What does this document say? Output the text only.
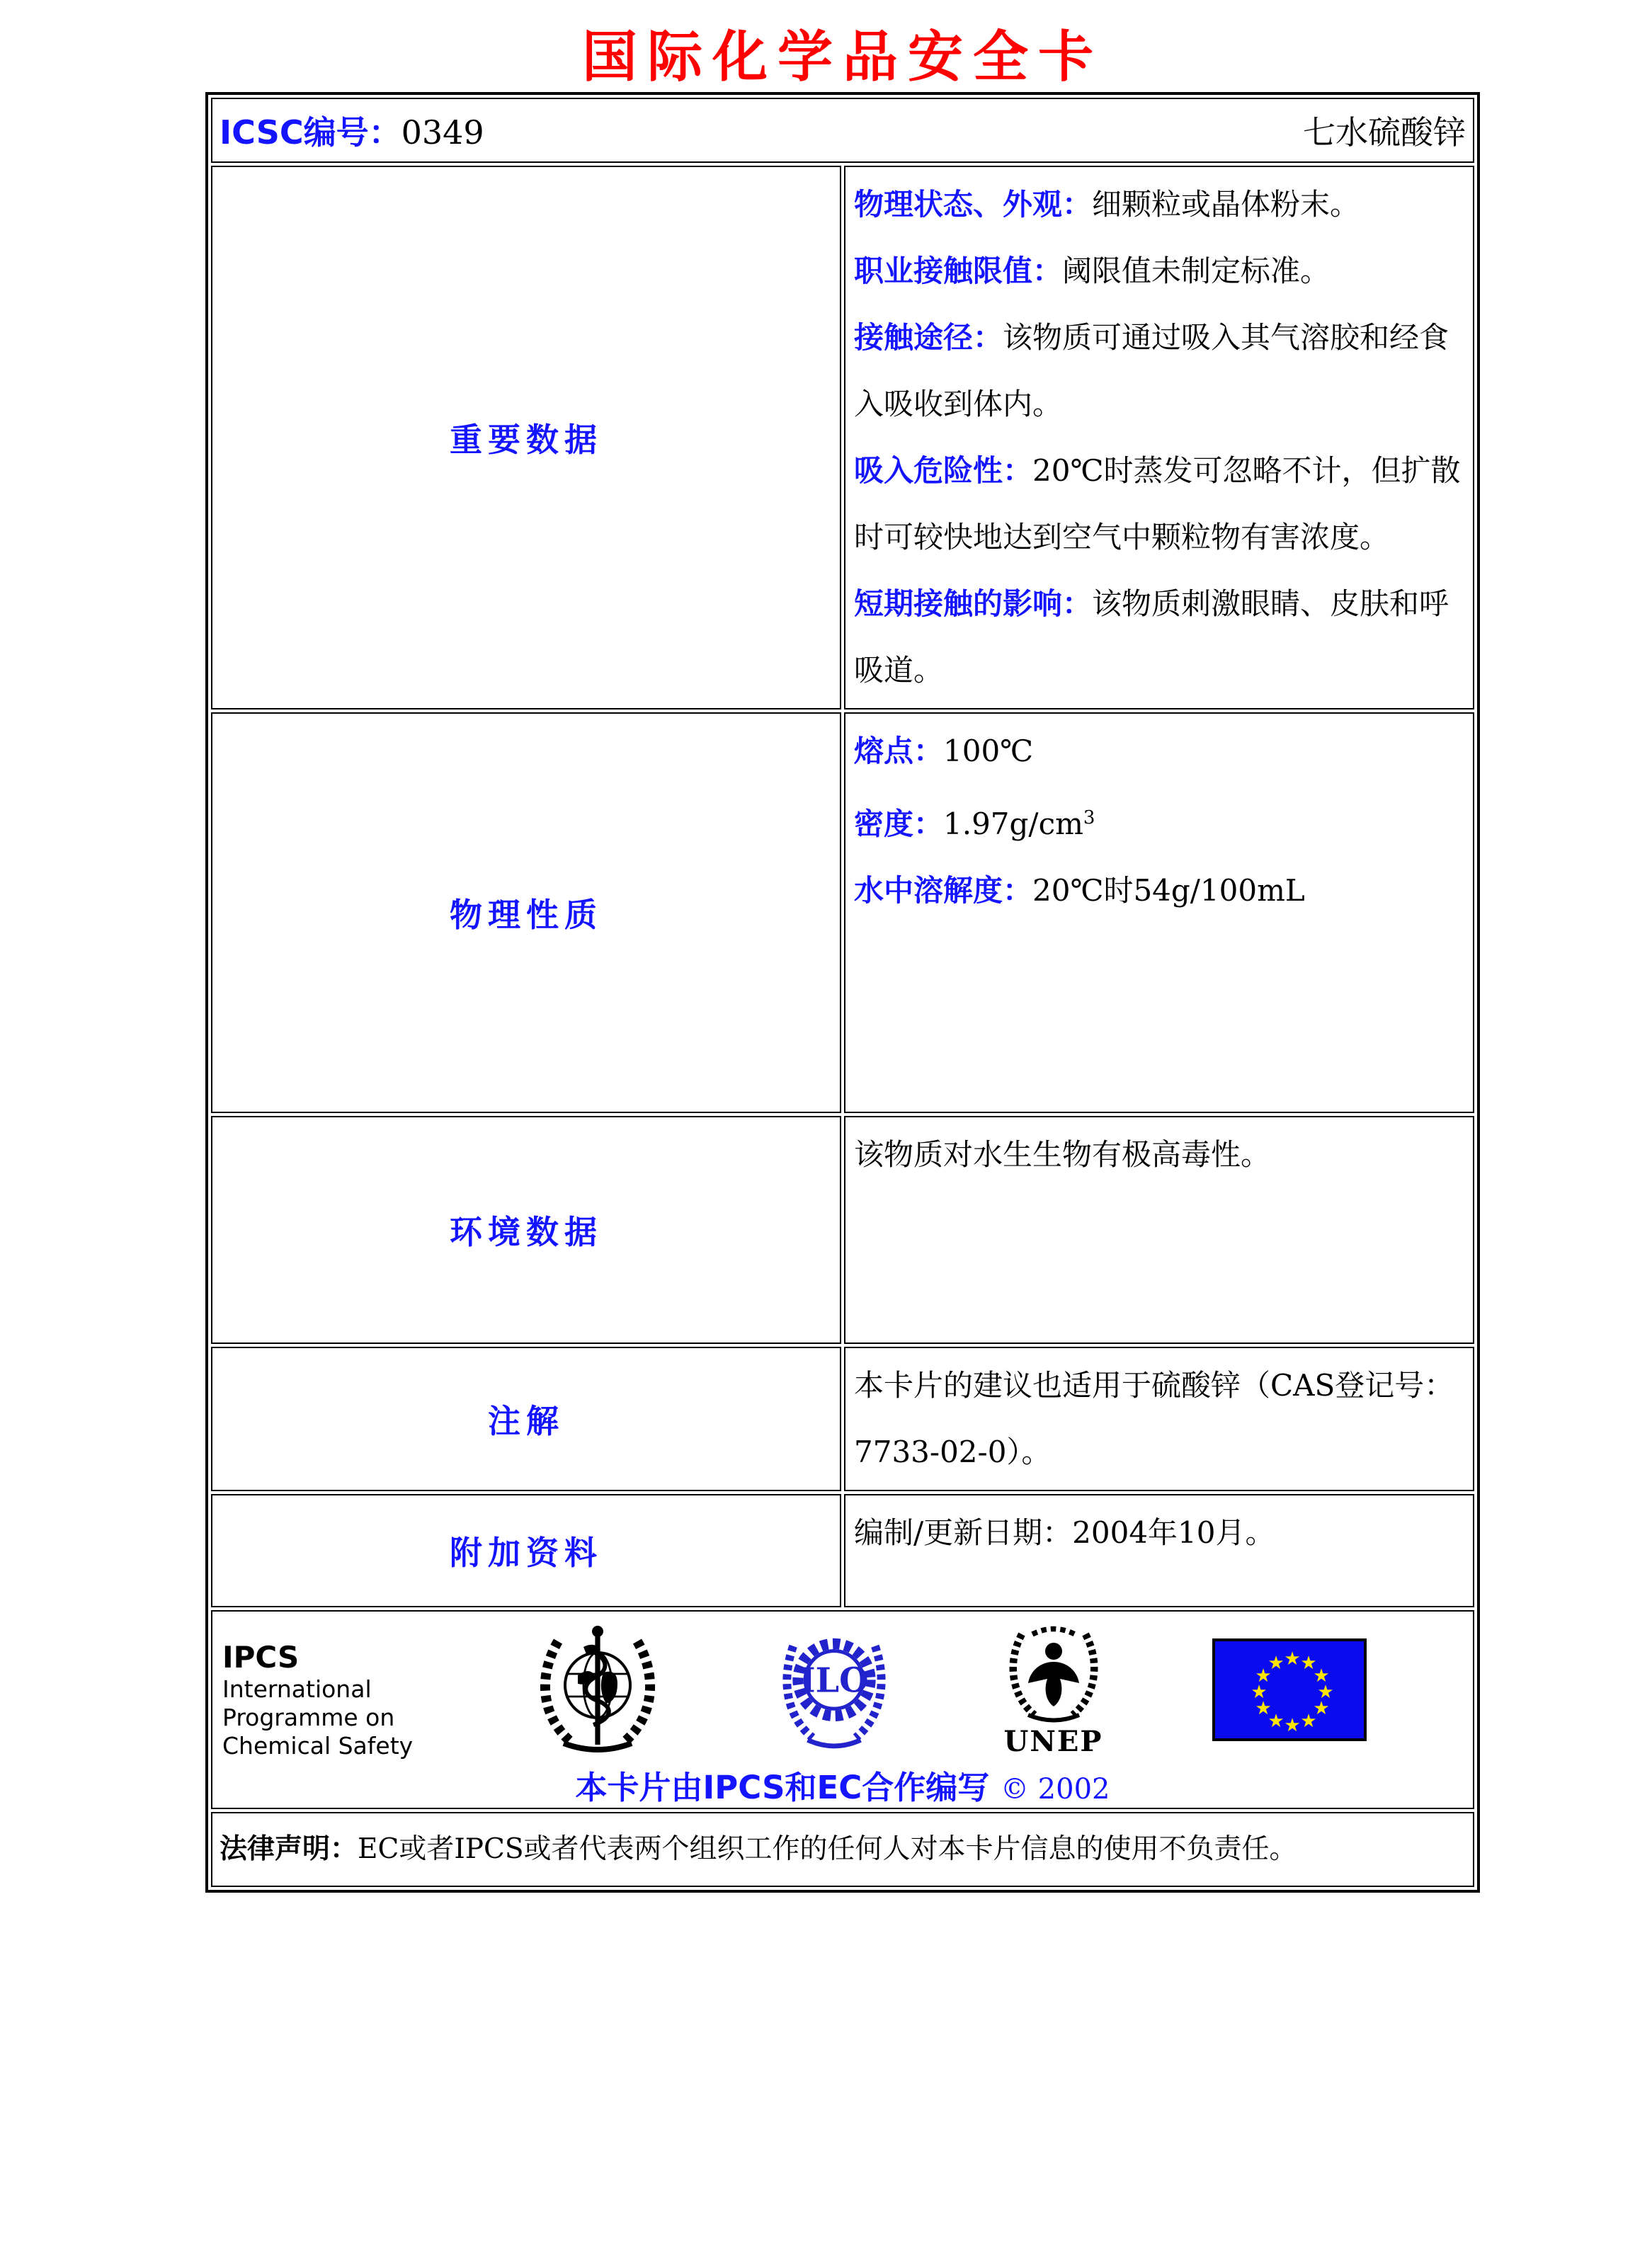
国际化学品安全卡
ICSC编号：0349 七水硫酸锌	

重要数据	物理状态、外观：细颗粒或晶体粉末。
职业接触限值：阈限值未制定标准。
接触途径：该物质可通过吸入其气溶胶和经食入吸收到体内。
吸入危险性：20℃时蒸发可忽略不计，但扩散时可较快地达到空气中颗粒物有害浓度。
短期接触的影响：该物质刺激眼睛、皮肤和呼吸道。

物理性质	熔点：100℃
密度：$1.97g/cm^3$
水中溶解度：20℃时54g/100mL

环境数据	该物质对水生生物有极高毒性。

注解	本卡片的建议也适用于硫酸锌（CAS登记号：7733-02-0）。

附加资料	编制/更新日期：2004年10月。

IPCS
International
Programme on
Chemical Safety
ILO
UNEP
★ ★
★
★
★
★
★
★
★
★
★
★
本卡片由IPCS和EC合作编写 © 2002

法律声明：EC或者IPCS或者代表两个组织工作的任何人对本卡片信息的使用不负责任。	
